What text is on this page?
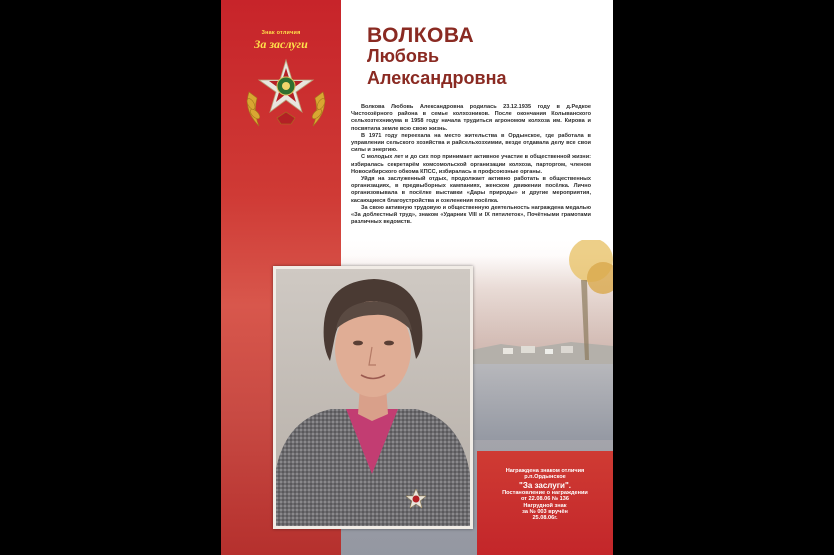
Знак отличия
За заслуги	ВОЛКОВА
Любовь
Александровна

Волкова Любовь Александровна родилась 23.12.1935 году в д.Редкое Чистоозёрного района в семье колхозников. После окончания Колыванского сельхозтехникума в 1958 году начала трудиться агрономом колхоза им. Кирова и посвятила земле всю свою жизнь.

В 1971 году переехала на место жительства в Ордынское, где работала в управлении сельского хозяйства и райсельхозхимии, везде отдавала делу все свои силы и энергию.

С молодых лет и до сих пор принимает активное участие в общественной жизни: избиралась секретарём комсомольской организации колхоза, парторгом, членом Новосибирского обкома КПСС, избиралась в профсоюзные органы.

Уйдя на заслуженный отдых, продолжает активно работать в общественных организациях, в предвыборных кампаниях, женском движении посёлка. Лично организовывала в посёлке выставки «Дары природы» и другие мероприятия, касающиеся благоустройства и озеленения посёлка.

За свою активную трудовую и общественную деятельность награждена медалью «За доблестный труд», знаком «Ударник VIII и IX пятилеток», Почётными грамотами различных ведомств.

Награждена знаком отличия
р.п.Ордынское
"За заслуги".
Постановление о награждении
от 22.08.06 № 136
Нагрудной знак
за № 003 вручён
25.08.06г.
